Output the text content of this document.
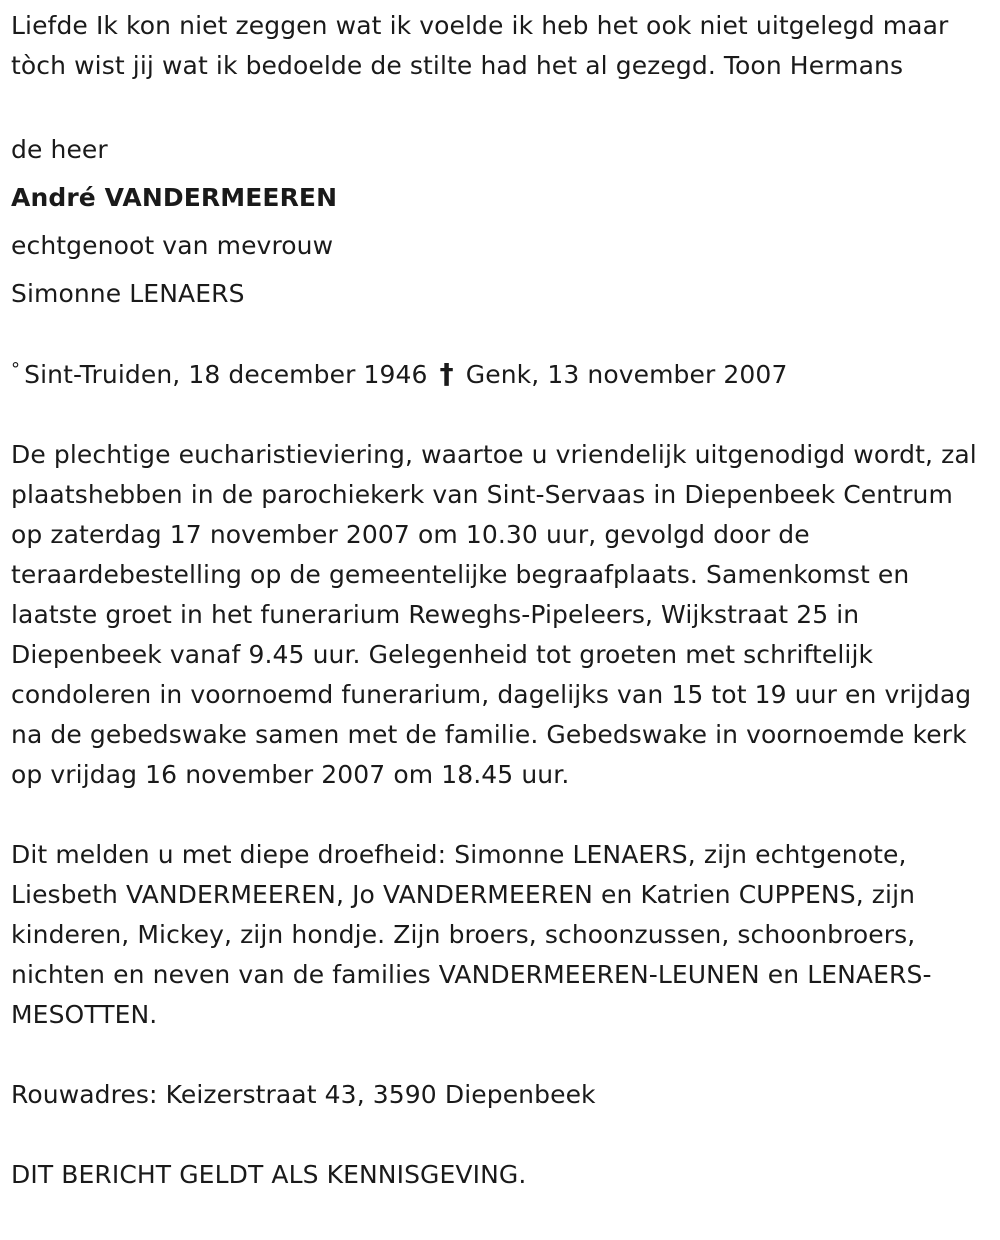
Liefde Ik kon niet zeggen wat ik voelde ik heb het ook niet uitgelegd maar tòch wist jij wat ik bedoelde de stilte had het al gezegd. Toon Hermans

de heer

André VANDERMEEREN

echtgenoot van mevrouw

Simonne LENAERS

° Sint-Truiden, 18 december 1946 † Genk, 13 november 2007

De plechtige eucharistieviering, waartoe u vriendelijk uitgenodigd wordt, zal plaatshebben in de parochiekerk van Sint-Servaas in Diepenbeek Centrum op zaterdag 17 november 2007 om 10.30 uur, gevolgd door de teraardebestelling op de gemeentelijke begraafplaats. Samenkomst en laatste groet in het funerarium Reweghs-Pipeleers, Wijkstraat 25 in Diepenbeek vanaf 9.45 uur. Gelegenheid tot groeten met schriftelijk condoleren in voornoemd funerarium, dagelijks van 15 tot 19 uur en vrijdag na de gebedswake samen met de familie. Gebedswake in voornoemde kerk op vrijdag 16 november 2007 om 18.45 uur.

Dit melden u met diepe droefheid: Simonne LENAERS, zijn echtgenote, Liesbeth VANDERMEEREN, Jo VANDERMEEREN en Katrien CUPPENS, zijn kinderen, Mickey, zijn hondje. Zijn broers, schoonzussen, schoonbroers, nichten en neven van de families VANDERMEEREN-LEUNEN en LENAERS-MESOTTEN.

Rouwadres: Keizerstraat 43, 3590 Diepenbeek

DIT BERICHT GELDT ALS KENNISGEVING.
